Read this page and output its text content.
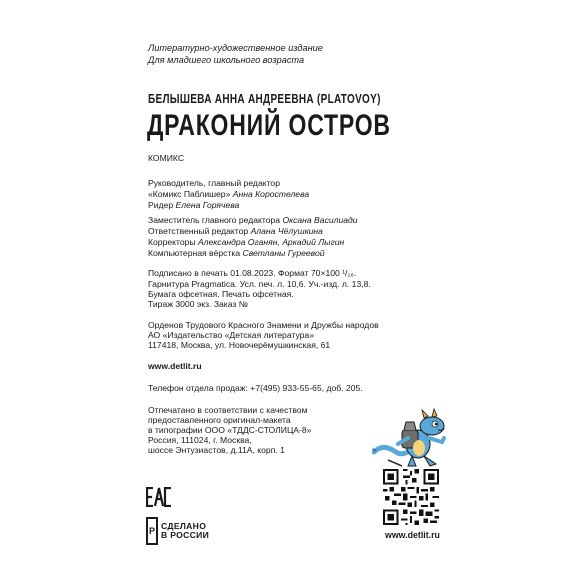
Литературно-художественное издание
Для младшего школьного возраста
БЕЛЫШЕВА АННА АНДРЕЕВНА (PLATOVOY)
ДРАКОНИЙ ОСТРОВ
КОМИКС
Руководитель, главный редактор
«Комикс Паблишер» Анна Коростелева
Ридер Елена Горячева
Заместитель главного редактора Оксана Василиади
Ответственный редактор Алана Чёлушкина
Корректоры Александра Оганян, Аркадий Лыгин
Компьютерная вёрстка Светланы Гуреевой
Подписано в печать 01.08.2023. Формат 70×100 ¹/₁₆.
Гарнитура Pragmatica. Усл. печ. л. 10,6. Уч.-изд. л. 13,8.
Бумага офсетная. Печать офсетная.
Тираж 3000 экз. Заказ №
Орденов Трудового Красного Знамени и Дружбы народов
АО «Издательство «Детская литература»
117418, Москва, ул. Новочерёмушкинская, 61
www.detlit.ru
Телефон отдела продаж: +7(495) 933-55-65, доб. 205.
Отпечатано в соответствии с качеством
предоставленного оригинал-макета
в типографии ООО «ТДДС-СТОЛИЦА-8»
Россия, 111024, г. Москва,
шоссе Энтузиастов, д.11А, корп. 1
Р
СДЕЛАНО
В РОССИИ	www.detlit.ru
